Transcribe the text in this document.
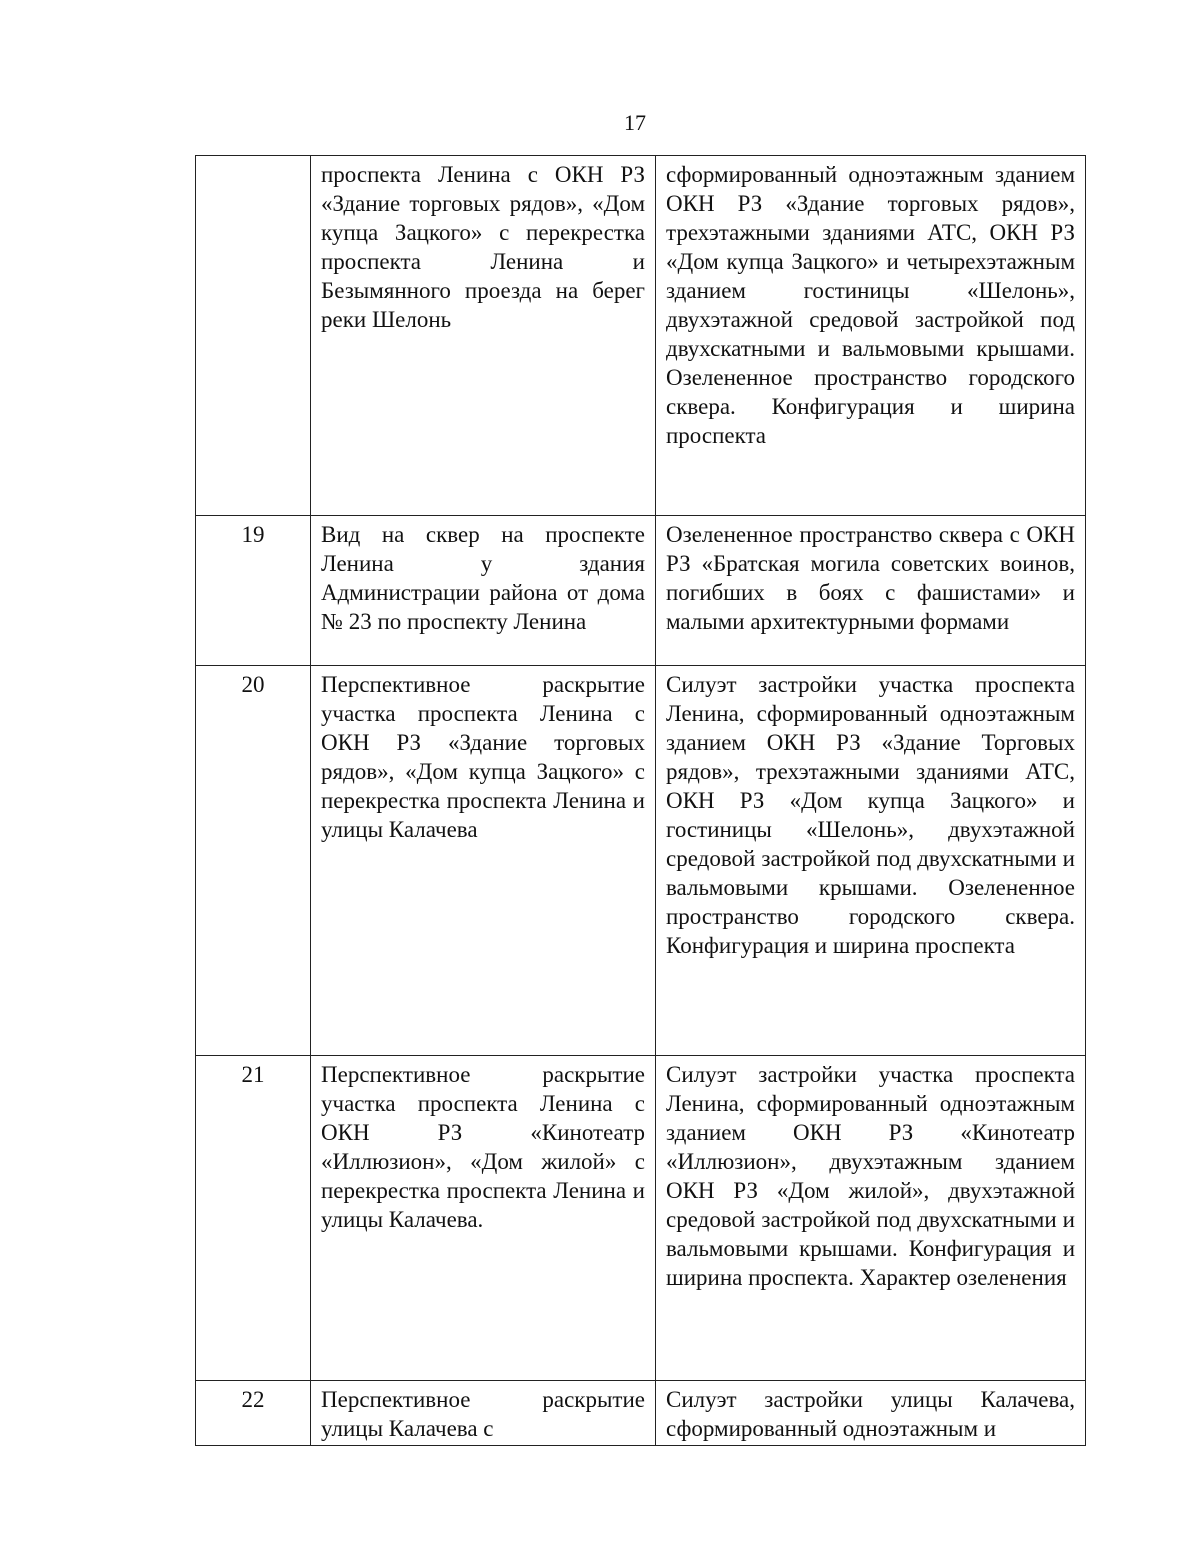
17
	проспекта Ленина с ОКН РЗ «Здание торговых рядов», «Дом купца Зацкого» с перекрестка проспекта Ленина и Безымянного проезда на берег реки Шелонь	сформированный одноэтажным зданием ОКН РЗ «Здание торговых рядов», трехэтажными зданиями АТС, ОКН РЗ «Дом купца Зацкого» и четырехэтажным зданием гостиницы «Шелонь», двухэтажной средовой застройкой под двухскатными и вальмовыми крышами. Озелененное пространство городского сквера. Конфигурация и ширина проспекта
19	Вид на сквер на проспекте Ленина у здания Администрации района от дома № 23 по проспекту Ленина	Озелененное пространство сквера с ОКН РЗ «Братская могила советских воинов, погибших в боях с фашистами» и малыми архитектурными формами
20	Перспективное раскрытие участка проспекта Ленина с ОКН РЗ «Здание торговых рядов», «Дом купца Зацкого» с перекрестка проспекта Ленина и улицы Калачева	Силуэт застройки участка проспекта Ленина, сформированный одноэтажным зданием ОКН РЗ «Здание Торговых рядов», трехэтажными зданиями АТС, ОКН РЗ «Дом купца Зацкого» и гостиницы «Шелонь», двухэтажной средовой застройкой под двухскатными и вальмовыми крышами. Озелененное пространство городского сквера. Конфигурация и ширина проспекта
21	Перспективное раскрытие участка проспекта Ленина с ОКН РЗ «Кинотеатр «Иллюзион», «Дом жилой» с перекрестка проспекта Ленина и улицы Калачева.	Силуэт застройки участка проспекта Ленина, сформированный одноэтажным зданием ОКН РЗ «Кинотеатр «Иллюзион», двухэтажным зданием ОКН РЗ «Дом жилой», двухэтажной средовой застройкой под двухскатными и вальмовыми крышами. Конфигурация и ширина проспекта. Характер озеленения
22	Перспективное раскрытие улицы Калачева с	Силуэт застройки улицы Калачева, сформированный одноэтажным и
